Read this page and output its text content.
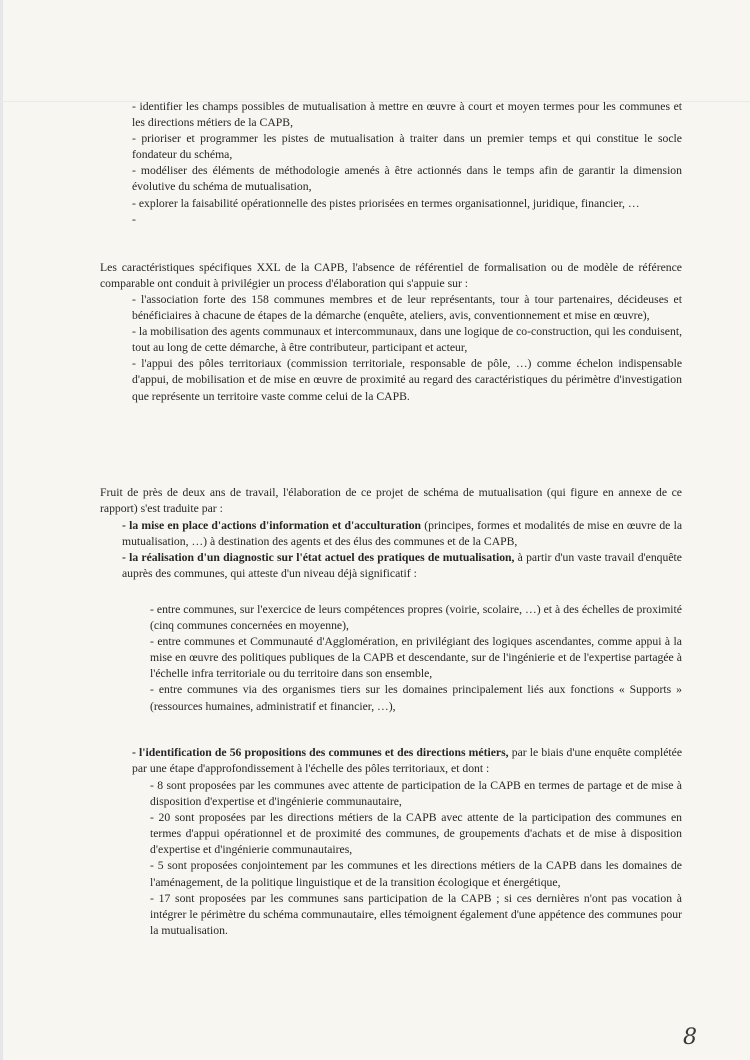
- identifier les champs possibles de mutualisation à mettre en œuvre à court et moyen termes pour les communes et les directions métiers de la CAPB,
- prioriser et programmer les pistes de mutualisation à traiter dans un premier temps et qui constitue le socle fondateur du schéma,
- modéliser des éléments de méthodologie amenés à être actionnés dans le temps afin de garantir la dimension évolutive du schéma de mutualisation,
- explorer la faisabilité opérationnelle des pistes priorisées en termes organisationnel, juridique, financier, …
-
Les caractéristiques spécifiques XXL de la CAPB, l'absence de référentiel de formalisation ou de modèle de référence comparable ont conduit à privilégier un process d'élaboration qui s'appuie sur :
- l'association forte des 158 communes membres et de leur représentants, tour à tour partenaires, décideuses et bénéficiaires à chacune de étapes de la démarche (enquête, ateliers, avis, conventionnement et mise en œuvre),
- la mobilisation des agents communaux et intercommunaux, dans une logique de co-construction, qui les conduisent, tout au long de cette démarche, à être contributeur, participant et acteur,
- l'appui des pôles territoriaux (commission territoriale, responsable de pôle, …) comme échelon indispensable d'appui, de mobilisation et de mise en œuvre de proximité au regard des caractéristiques du périmètre d'investigation que représente un territoire vaste comme celui de la CAPB.
Fruit de près de deux ans de travail, l'élaboration de ce projet de schéma de mutualisation (qui figure en annexe de ce rapport) s'est traduite par :
- la mise en place d'actions d'information et d'acculturation (principes, formes et modalités de mise en œuvre de la mutualisation, …) à destination des agents et des élus des communes et de la CAPB,
- la réalisation d'un diagnostic sur l'état actuel des pratiques de mutualisation, à partir d'un vaste travail d'enquête auprès des communes, qui atteste d'un niveau déjà significatif :
- entre communes, sur l'exercice de leurs compétences propres (voirie, scolaire, …) et à des échelles de proximité (cinq communes concernées en moyenne),
- entre communes et Communauté d'Agglomération, en privilégiant des logiques ascendantes, comme appui à la mise en œuvre des politiques publiques de la CAPB et descendante, sur de l'ingénierie et de l'expertise partagée à l'échelle infra territoriale ou du territoire dans son ensemble,
- entre communes via des organismes tiers sur les domaines principalement liés aux fonctions « Supports » (ressources humaines, administratif et financier, …),
- l'identification de 56 propositions des communes et des directions métiers, par le biais d'une enquête complétée par une étape d'approfondissement à l'échelle des pôles territoriaux, et dont :
- 8 sont proposées par les communes avec attente de participation de la CAPB en termes de partage et de mise à disposition d'expertise et d'ingénierie communautaire,
- 20 sont proposées par les directions métiers de la CAPB avec attente de la participation des communes en termes d'appui opérationnel et de proximité des communes, de groupements d'achats et de mise à disposition d'expertise et d'ingénierie communautaires,
- 5 sont proposées conjointement par les communes et les directions métiers de la CAPB dans les domaines de l'aménagement, de la politique linguistique et de la transition écologique et énergétique,
- 17 sont proposées par les communes sans participation de la CAPB ; si ces dernières n'ont pas vocation à intégrer le périmètre du schéma communautaire, elles témoignent également d'une appétence des communes pour la mutualisation.
8
